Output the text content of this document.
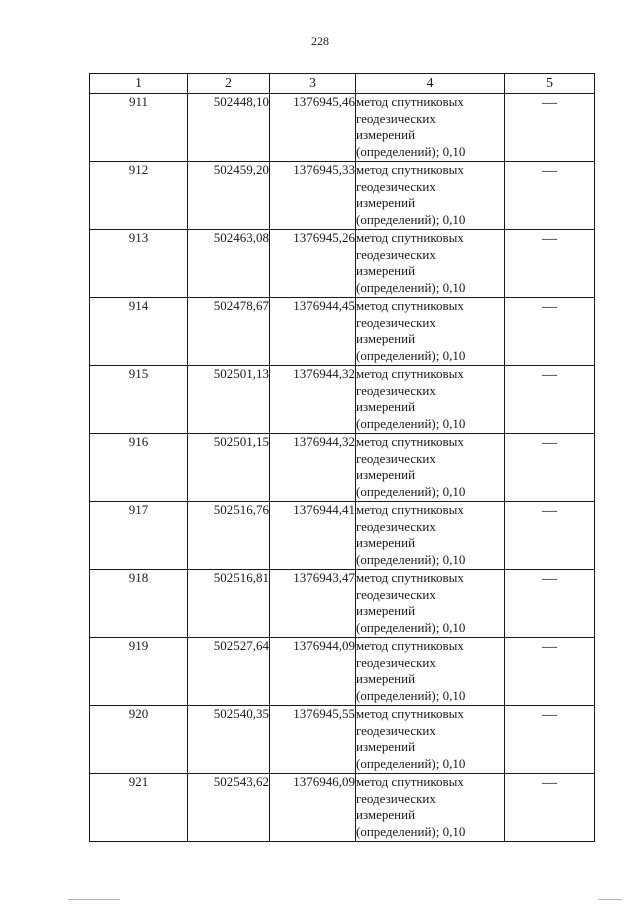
228
1	2	3	4	5
911	502448,10	1376945,46	метод спутниковых
геодезических
измерений
(определений); 0,10	—
912	502459,20	1376945,33	метод спутниковых
геодезических
измерений
(определений); 0,10	—
913	502463,08	1376945,26	метод спутниковых
геодезических
измерений
(определений); 0,10	—
914	502478,67	1376944,45	метод спутниковых
геодезических
измерений
(определений); 0,10	—
915	502501,13	1376944,32	метод спутниковых
геодезических
измерений
(определений); 0,10	—
916	502501,15	1376944,32	метод спутниковых
геодезических
измерений
(определений); 0,10	—
917	502516,76	1376944,41	метод спутниковых
геодезических
измерений
(определений); 0,10	—
918	502516,81	1376943,47	метод спутниковых
геодезических
измерений
(определений); 0,10	—
919	502527,64	1376944,09	метод спутниковых
геодезических
измерений
(определений); 0,10	—
920	502540,35	1376945,55	метод спутниковых
геодезических
измерений
(определений); 0,10	—
921	502543,62	1376946,09	метод спутниковых
геодезических
измерений
(определений); 0,10	—
